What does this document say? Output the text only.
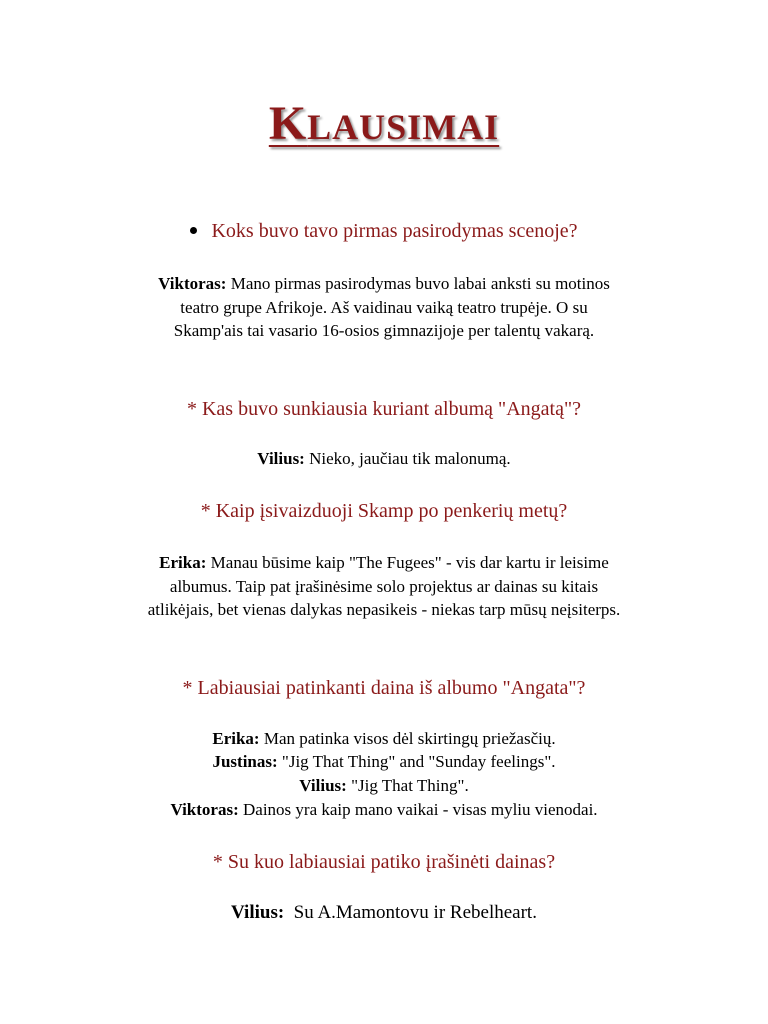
KLAUSIMAI
Koks buvo tavo pirmas pasirodymas scenoje?
Viktoras: Mano pirmas pasirodymas buvo labai anksti su motinos teatro grupe Afrikoje. Aš vaidinau vaiką teatro trupėje. O su Skamp'ais tai vasario 16-osios gimnazijoje per talentų vakarą.
* Kas buvo sunkiausia kuriant albumą "Angatą"?
Vilius: Nieko, jaučiau tik malonumą.
* Kaip įsivaizduoji Skamp po penkerių metų?
Erika: Manau būsime kaip "The Fugees" - vis dar kartu ir leisime albumus. Taip pat įrašinėsime solo projektus ar dainas su kitais atlikėjais, bet vienas dalykas nepasikeis - niekas tarp mūsų neįsiterps.
* Labiausiai patinkanti daina iš albumo "Angata"?
Erika: Man patinka visos dėl skirtingų priežasčių.
Justinas: "Jig That Thing" and "Sunday feelings".
Vilius: "Jig That Thing".
Viktoras: Dainos yra kaip mano vaikai - visas myliu vienodai.
* Su kuo labiausiai patiko įrašinėti dainas?
Vilius:  Su A.Mamontovu ir Rebelheart.
